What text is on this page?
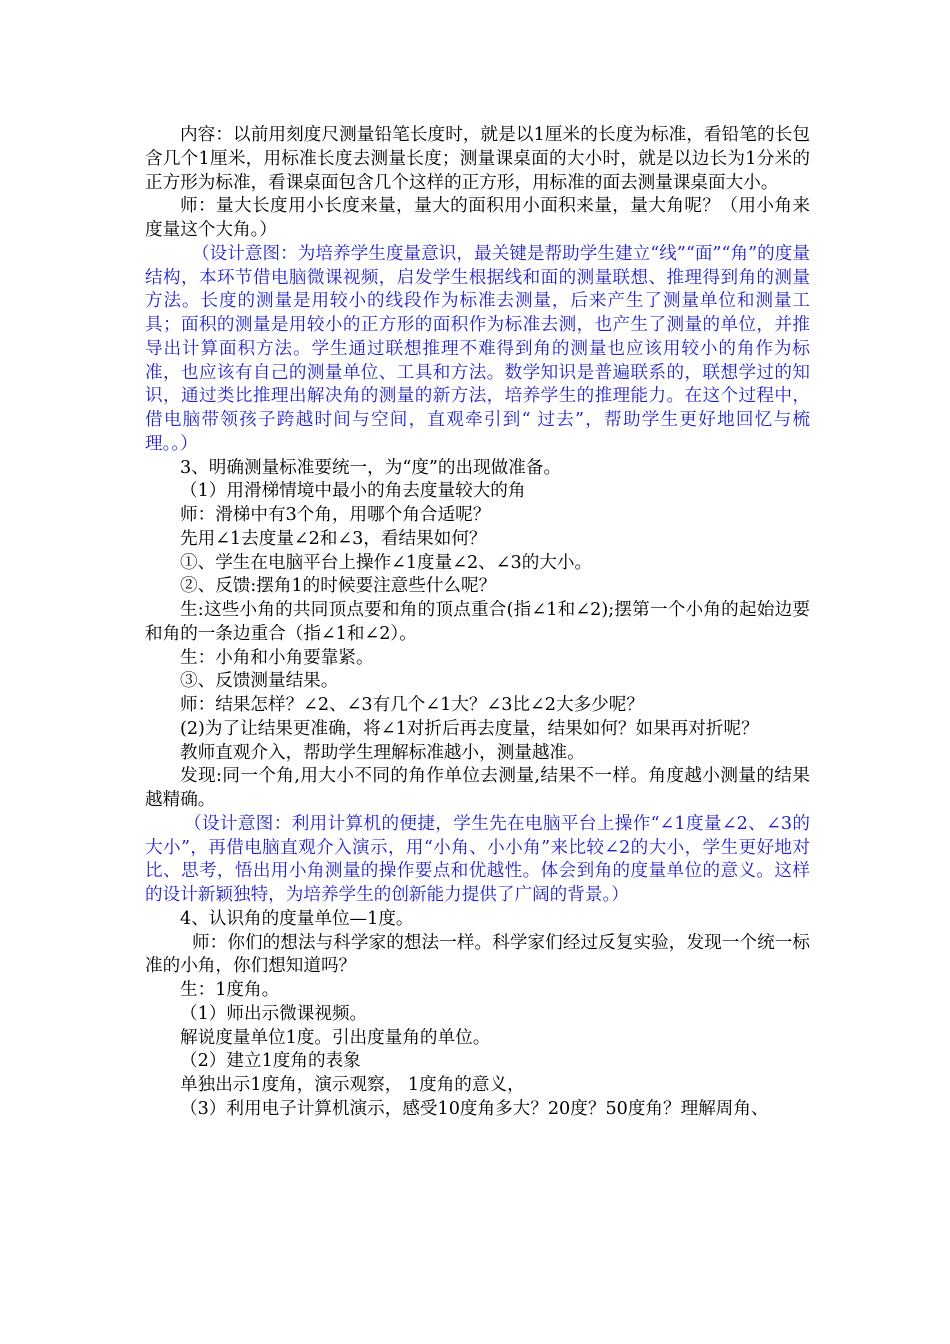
内容：以前用刻度尺测量铅笔长度时，就是以1厘米的长度为标准，看铅笔的长包含几个1厘米，用标准长度去测量长度；测量课桌面的大小时，就是以边长为1分米的正方形为标准，看课桌面包含几个这样的正方形，用标准的面去测量课桌面大小。

师：量大长度用小长度来量，量大的面积用小面积来量，量大角呢？（用小角来度量这个大角。）

（设计意图：为培养学生度量意识，最关键是帮助学生建立“线”“面”“角”的度量结构，本环节借电脑微课视频，启发学生根据线和面的测量联想、推理得到角的测量方法。长度的测量是用较小的线段作为标准去测量，后来产生了测量单位和测量工具；面积的测量是用较小的正方形的面积作为标准去测，也产生了测量的单位，并推导出计算面积方法。学生通过联想推理不难得到角的测量也应该用较小的角作为标准，也应该有自己的测量单位、工具和方法。数学知识是普遍联系的，联想学过的知识，通过类比推理出解决角的测量的新方法，培养学生的推理能力。在这个过程中，借电脑带领孩子跨越时间与空间，直观牵引到“ 过去”，帮助学生更好地回忆与梳理。。）

3、明确测量标准要统一，为“度”的出现做准备。

（1）用滑梯情境中最小的角去度量较大的角

师：滑梯中有3个角，用哪个角合适呢？

先用∠1去度量∠2和∠3，看结果如何？

①、学生在电脑平台上操作∠1度量∠2、∠3的大小。

②、反馈:摆角1的时候要注意些什么呢？

生:这些小角的共同顶点要和角的顶点重合(指∠1和∠2);摆第一个小角的起始边要和角的一条边重合（指∠1和∠2）。

生：小角和小角要靠紧。

③、反馈测量结果。

师：结果怎样？∠2、∠3有几个∠1大？∠3比∠2大多少呢？

(2)为了让结果更准确，将∠1对折后再去度量，结果如何？如果再对折呢？

教师直观介入，帮助学生理解标准越小，测量越准。

发现:同一个角,用大小不同的角作单位去测量,结果不一样。角度越小测量的结果越精确。

（设计意图：利用计算机的便捷，学生先在电脑平台上操作“∠1度量∠2、∠3的大小”，再借电脑直观介入演示，用“小角、小小角”来比较∠2的大小，学生更好地对比、思考，悟出用小角测量的操作要点和优越性。体会到角的度量单位的意义。这样的设计新颖独特，为培养学生的创新能力提供了广阔的背景。）

4、认识角的度量单位—1度。

师：你们的想法与科学家的想法一样。科学家们经过反复实验，发现一个统一标准的小角，你们想知道吗？

生：1度角。

（1）师出示微课视频。

解说度量单位1度。引出度量角的单位。

（2）建立1度角的表象

单独出示1度角，演示观察， 1度角的意义，

（3）利用电子计算机演示，感受10度角多大？20度？50度角？理解周角、
